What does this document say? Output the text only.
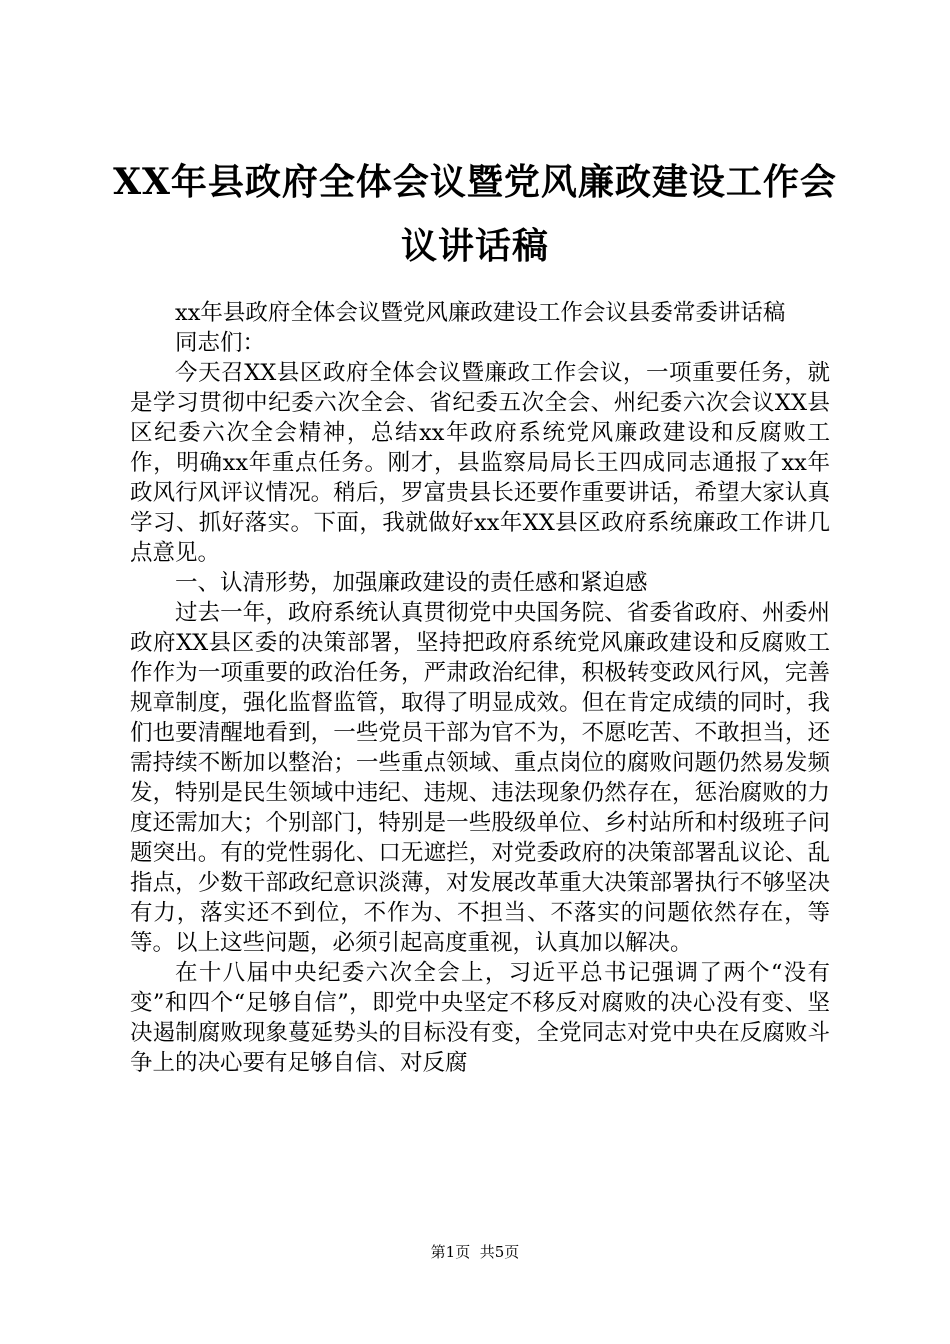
XX年县政府全体会议暨党风廉政建设工作会
议讲话稿

xx年县政府全体会议暨党风廉政建设工作会议县委常委讲话稿

同志们：

今天召XX县区政府全体会议暨廉政工作会议，一项重要任务，就是学习贯彻中纪委六次全会、省纪委五次全会、州纪委六次会议XX县区纪委六次全会精神，总结xx年政府系统党风廉政建设和反腐败工作，明确xx年重点任务。刚才，县监察局局长王四成同志通报了xx年政风行风评议情况。稍后，罗富贵县长还要作重要讲话，希望大家认真学习、抓好落实。下面，我就做好xx年XX县区政府系统廉政工作讲几点意见。

一、认清形势，加强廉政建设的责任感和紧迫感

过去一年，政府系统认真贯彻党中央国务院、省委省政府、州委州政府XX县区委的决策部署，坚持把政府系统党风廉政建设和反腐败工作作为一项重要的政治任务，严肃政治纪律，积极转变政风行风，完善规章制度，强化监督监管，取得了明显成效。但在肯定成绩的同时，我们也要清醒地看到，一些党员干部为官不为，不愿吃苦、不敢担当，还需持续不断加以整治；一些重点领域、重点岗位的腐败问题仍然易发频发，特别是民生领域中违纪、违规、违法现象仍然存在，惩治腐败的力度还需加大；个别部门，特别是一些股级单位、乡村站所和村级班子问题突出。有的党性弱化、口无遮拦，对党委政府的决策部署乱议论、乱指点，少数干部政纪意识淡薄，对发展改革重大决策部署执行不够坚决有力，落实还不到位，不作为、不担当、不落实的问题依然存在，等等。以上这些问题，必须引起高度重视，认真加以解决。

在十八届中央纪委六次全会上，习近平总书记强调了两个“没有变”和四个“足够自信”，即党中央坚定不移反对腐败的决心没有变、坚决遏制腐败现象蔓延势头的目标没有变，全党同志对党中央在反腐败斗争上的决心要有足够自信、对反腐

第1页 共5页
